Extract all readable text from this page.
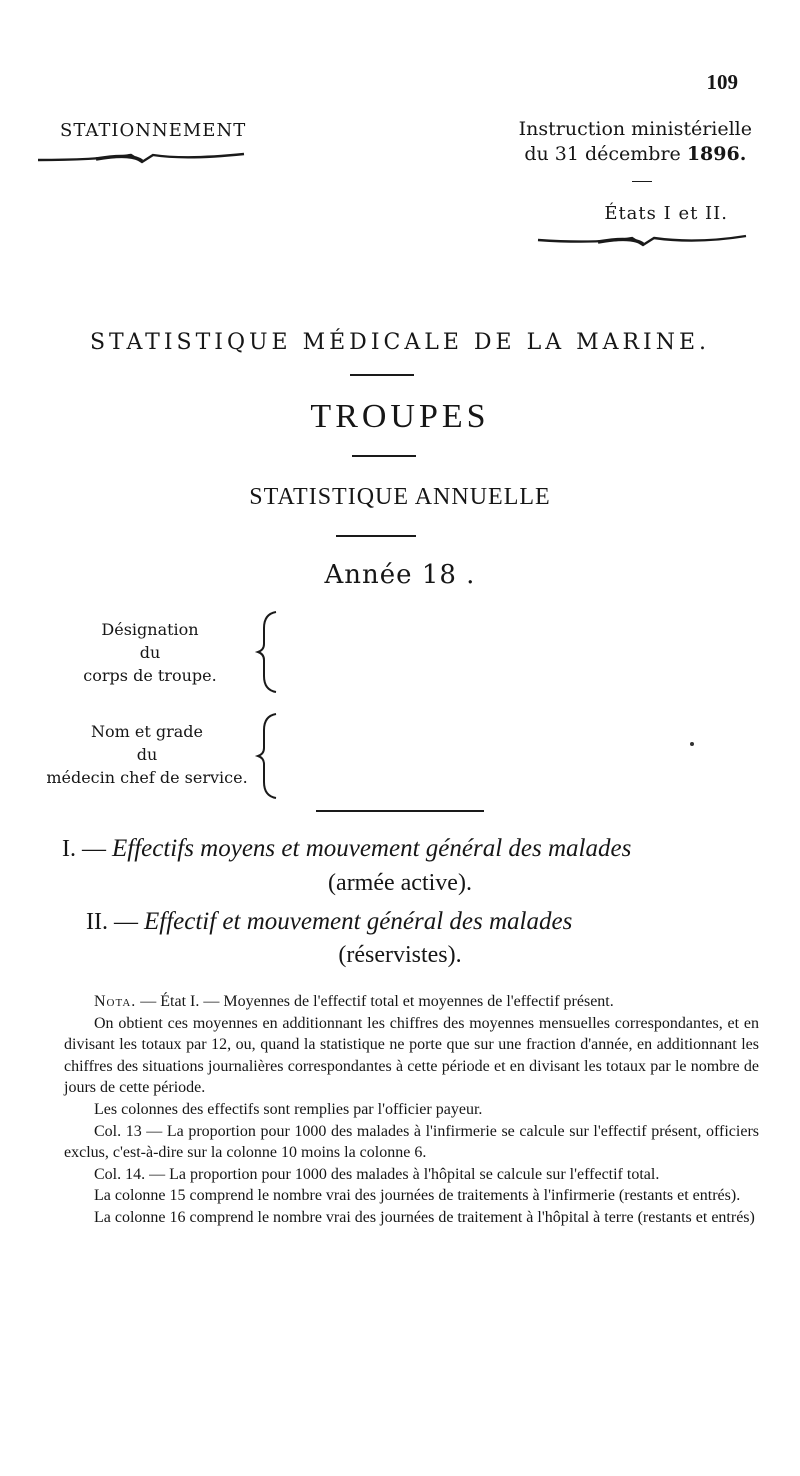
109
STATIONNEMENT	Instruction ministérielle
du 31 décembre 1896.
États I et II.
STATISTIQUE MÉDICALE DE LA MARINE.
TROUPES
STATISTIQUE ANNUELLE
Année 18 .
Désignation
du
corps de troupe.
Nom et grade
du
médecin chef de service.
I. — Effectifs moyens et mouvement général des malades
(armée active).
II. — Effectif et mouvement général des malades
(réservistes).

Nota. — État I. — Moyennes de l'effectif total et moyennes de l'effectif présent.

On obtient ces moyennes en additionnant les chiffres des moyennes mensuelles correspondantes, et en divisant les totaux par 12, ou, quand la statistique ne porte que sur une fraction d'année, en additionnant les chiffres des situations journalières correspondantes à cette période et en divisant les totaux par le nombre de jours de cette période.

Les colonnes des effectifs sont remplies par l'officier payeur.

Col. 13 — La proportion pour 1000 des malades à l'infirmerie se calcule sur l'effectif présent, officiers exclus, c'est-à-dire sur la colonne 10 moins la colonne 6.

Col. 14. — La proportion pour 1000 des malades à l'hôpital se calcule sur l'effectif total.

La colonne 15 comprend le nombre vrai des journées de traitements à l'infirmerie (restants et entrés).

La colonne 16 comprend le nombre vrai des journées de traitement à l'hôpital à terre (restants et entrés)
